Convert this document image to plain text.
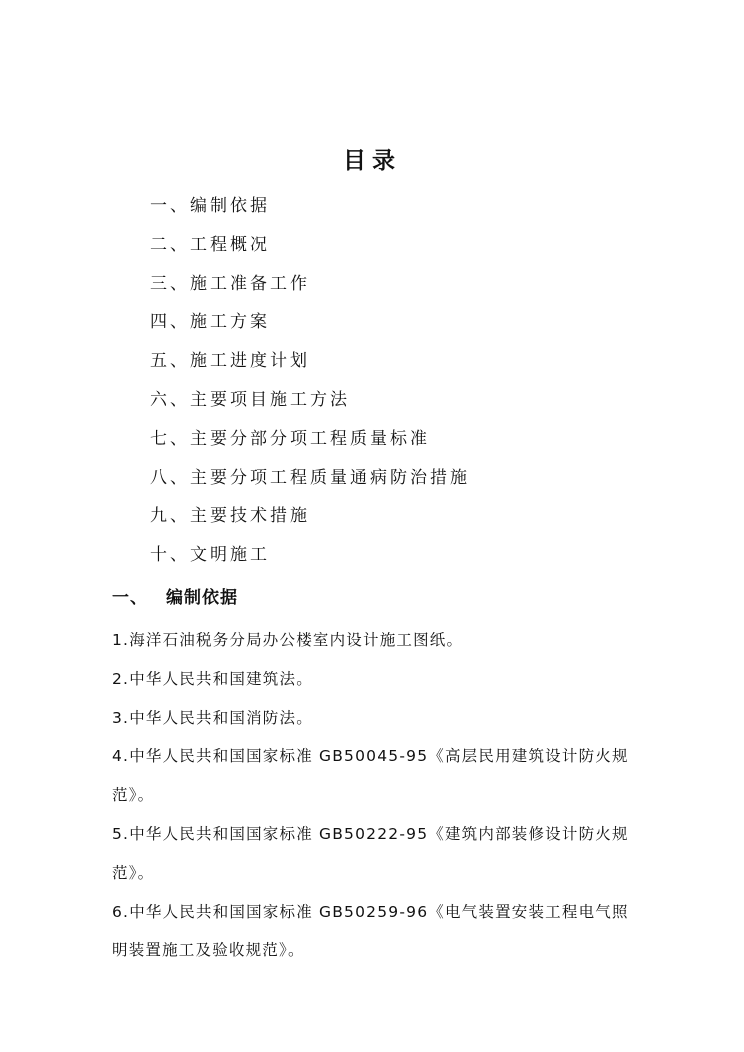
目录
一、编制依据
二、工程概况
三、施工准备工作
四、施工方案
五、施工进度计划
六、主要项目施工方法
七、主要分部分项工程质量标准
八、主要分项工程质量通病防治措施
九、主要技术措施
十、文明施工
一、 编制依据
1.海洋石油税务分局办公楼室内设计施工图纸。
2.中华人民共和国建筑法。
3.中华人民共和国消防法。
4.中华人民共和国国家标准 GB50045-95《高层民用建筑设计防火规
范》。
5.中华人民共和国国家标准 GB50222-95《建筑内部装修设计防火规
范》。
6.中华人民共和国国家标准 GB50259-96《电气装置安装工程电气照
明装置施工及验收规范》。
